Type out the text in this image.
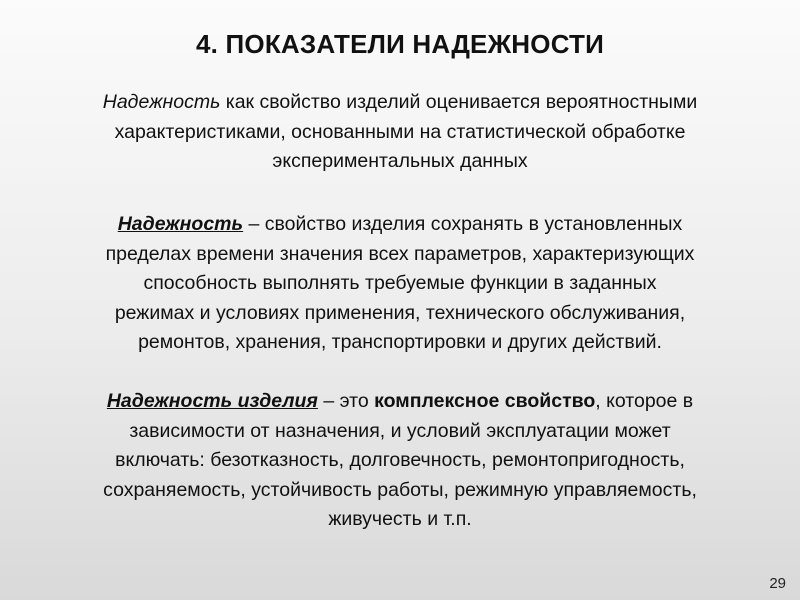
4. ПОКАЗАТЕЛИ НАДЕЖНОСТИ

Надежность как свойство изделий оценивается вероятностными
характеристиками, основанными на статистической обработке
экспериментальных данных

Надежность – свойство изделия сохранять в установленных
пределах времени значения всех параметров, характеризующих
способность выполнять требуемые функции в заданных
режимах и условиях применения, технического обслуживания,
ремонтов, хранения, транспортировки и других действий.

Надежность изделия – это комплексное свойство, которое в
зависимости от назначения, и условий эксплуатации может
включать: безотказность, долговечность, ремонтопригодность,
сохраняемость, устойчивость работы, режимную управляемость,
живучесть и т.п.

29
